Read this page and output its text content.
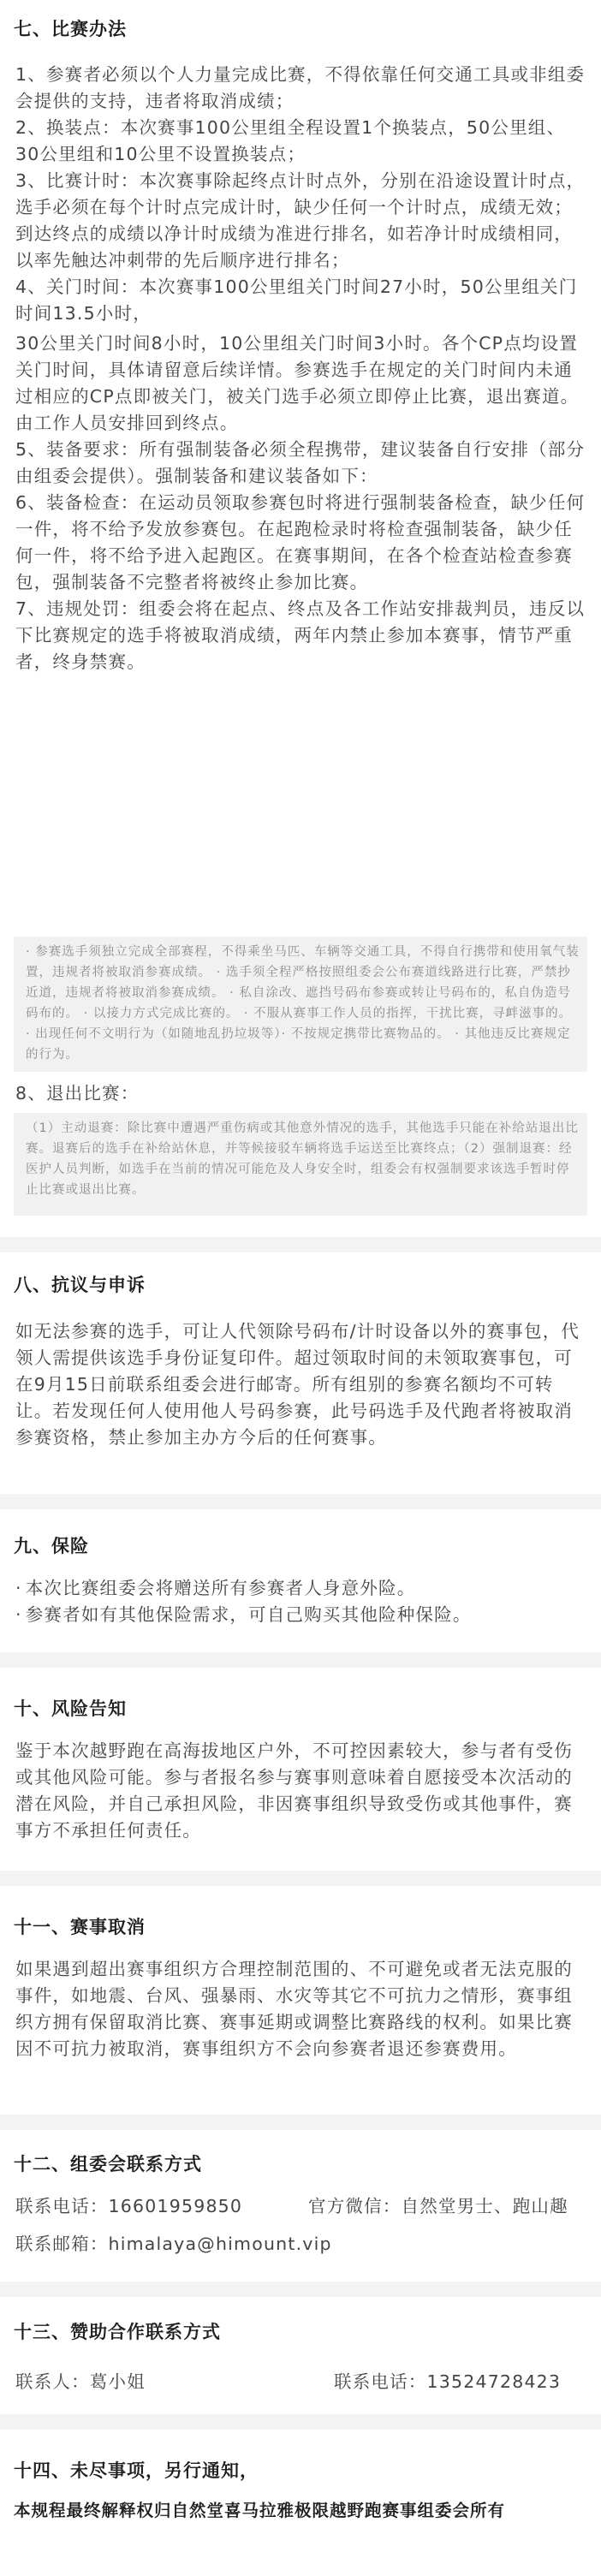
七、比赛办法

1、参赛者必须以个人力量完成比赛，不得依靠任何交通工具或非组委会提供的支持，违者将取消成绩；

2、换装点：本次赛事100公里组全程设置1个换装点，50公里组、30公里组和10公里不设置换装点；

3、比赛计时：本次赛事除起终点计时点外，分别在沿途设置计时点，选手必须在每个计时点完成计时，缺少任何一个计时点，成绩无效；到达终点的成绩以净计时成绩为准进行排名，如若净计时成绩相同，以率先触达冲刺带的先后顺序进行排名；

4、关门时间：本次赛事100公里组关门时间27小时，50公里组关门时间13.5小时，

30公里关门时间8小时，10公里组关门时间3小时。各个CP点均设置关门时间，具体请留意后续详情。参赛选手在规定的关门时间内未通过相应的CP点即被关门，被关门选手必须立即停止比赛，退出赛道。由工作人员安排回到终点。

5、装备要求：所有强制装备必须全程携带，建议装备自行安排（部分由组委会提供）。强制装备和建议装备如下：

6、装备检查：在运动员领取参赛包时将进行强制装备检查，缺少任何一件，将不给予发放参赛包。在起跑检录时将检查强制装备，缺少任何一件，将不给予进入起跑区。在赛事期间，在各个检查站检查参赛包，强制装备不完整者将被终止参加比赛。

7、违规处罚：组委会将在起点、终点及各工作站安排裁判员，违反以下比赛规定的选手将被取消成绩，两年内禁止参加本赛事，情节严重者，终身禁赛。

· 参赛选手须独立完成全部赛程，不得乘坐马匹、车辆等交通工具，不得自行携带和使用氧气装置，违规者将被取消参赛成绩。 · 选手须全程严格按照组委会公布赛道线路进行比赛，严禁抄近道，违规者将被取消参赛成绩。 · 私自涂改、遮挡号码布参赛或转让号码布的，私自伪造号码布的。 · 以接力方式完成比赛的。 · 不服从赛事工作人员的指挥，干扰比赛，寻衅滋事的。 · 出现任何不文明行为（如随地乱扔垃圾等）· 不按规定携带比赛物品的。 · 其他违反比赛规定的行为。

8、退出比赛：

（1）主动退赛：除比赛中遭遇严重伤病或其他意外情况的选手，其他选手只能在补给站退出比赛。退赛后的选手在补给站休息，并等候接驳车辆将选手运送至比赛终点；（2）强制退赛：经医护人员判断，如选手在当前的情况可能危及人身安全时，组委会有权强制要求该选手暂时停止比赛或退出比赛。
八、抗议与申诉
如无法参赛的选手，可让人代领除号码布/计时设备以外的赛事包，代领人需提供该选手身份证复印件。超过领取时间的未领取赛事包，可在9月15日前联系组委会进行邮寄。所有组别的参赛名额均不可转让。若发现任何人使用他人号码参赛，此号码选手及代跑者将被取消参赛资格，禁止参加主办方今后的任何赛事。
九、保险

· 本次比赛组委会将赠送所有参赛者人身意外险。

· 参赛者如有其他保险需求，可自己购买其他险种保险。

十、风险告知
鉴于本次越野跑在高海拔地区户外，不可控因素较大，参与者有受伤或其他风险可能。参与者报名参与赛事则意味着自愿接受本次活动的潜在风险，并自己承担风险，非因赛事组织导致受伤或其他事件，赛事方不承担任何责任。
十一、赛事取消
如果遇到超出赛事组织方合理控制范围的、不可避免或者无法克服的事件，如地震、台风、强暴雨、水灾等其它不可抗力之情形，赛事组织方拥有保留取消比赛、赛事延期或调整比赛路线的权利。如果比赛因不可抗力被取消，赛事组织方不会向参赛者退还参赛费用。
十二、组委会联系方式
联系电话：16601959850	官方微信：自然堂男士、跑山趣
联系邮箱：himalaya@himount.vip
十三、赞助合作联系方式
联系人：葛小姐	联系电话：13524728423
十四、未尽事项，另行通知，
本规程最终解释权归自然堂喜马拉雅极限越野跑赛事组委会所有
